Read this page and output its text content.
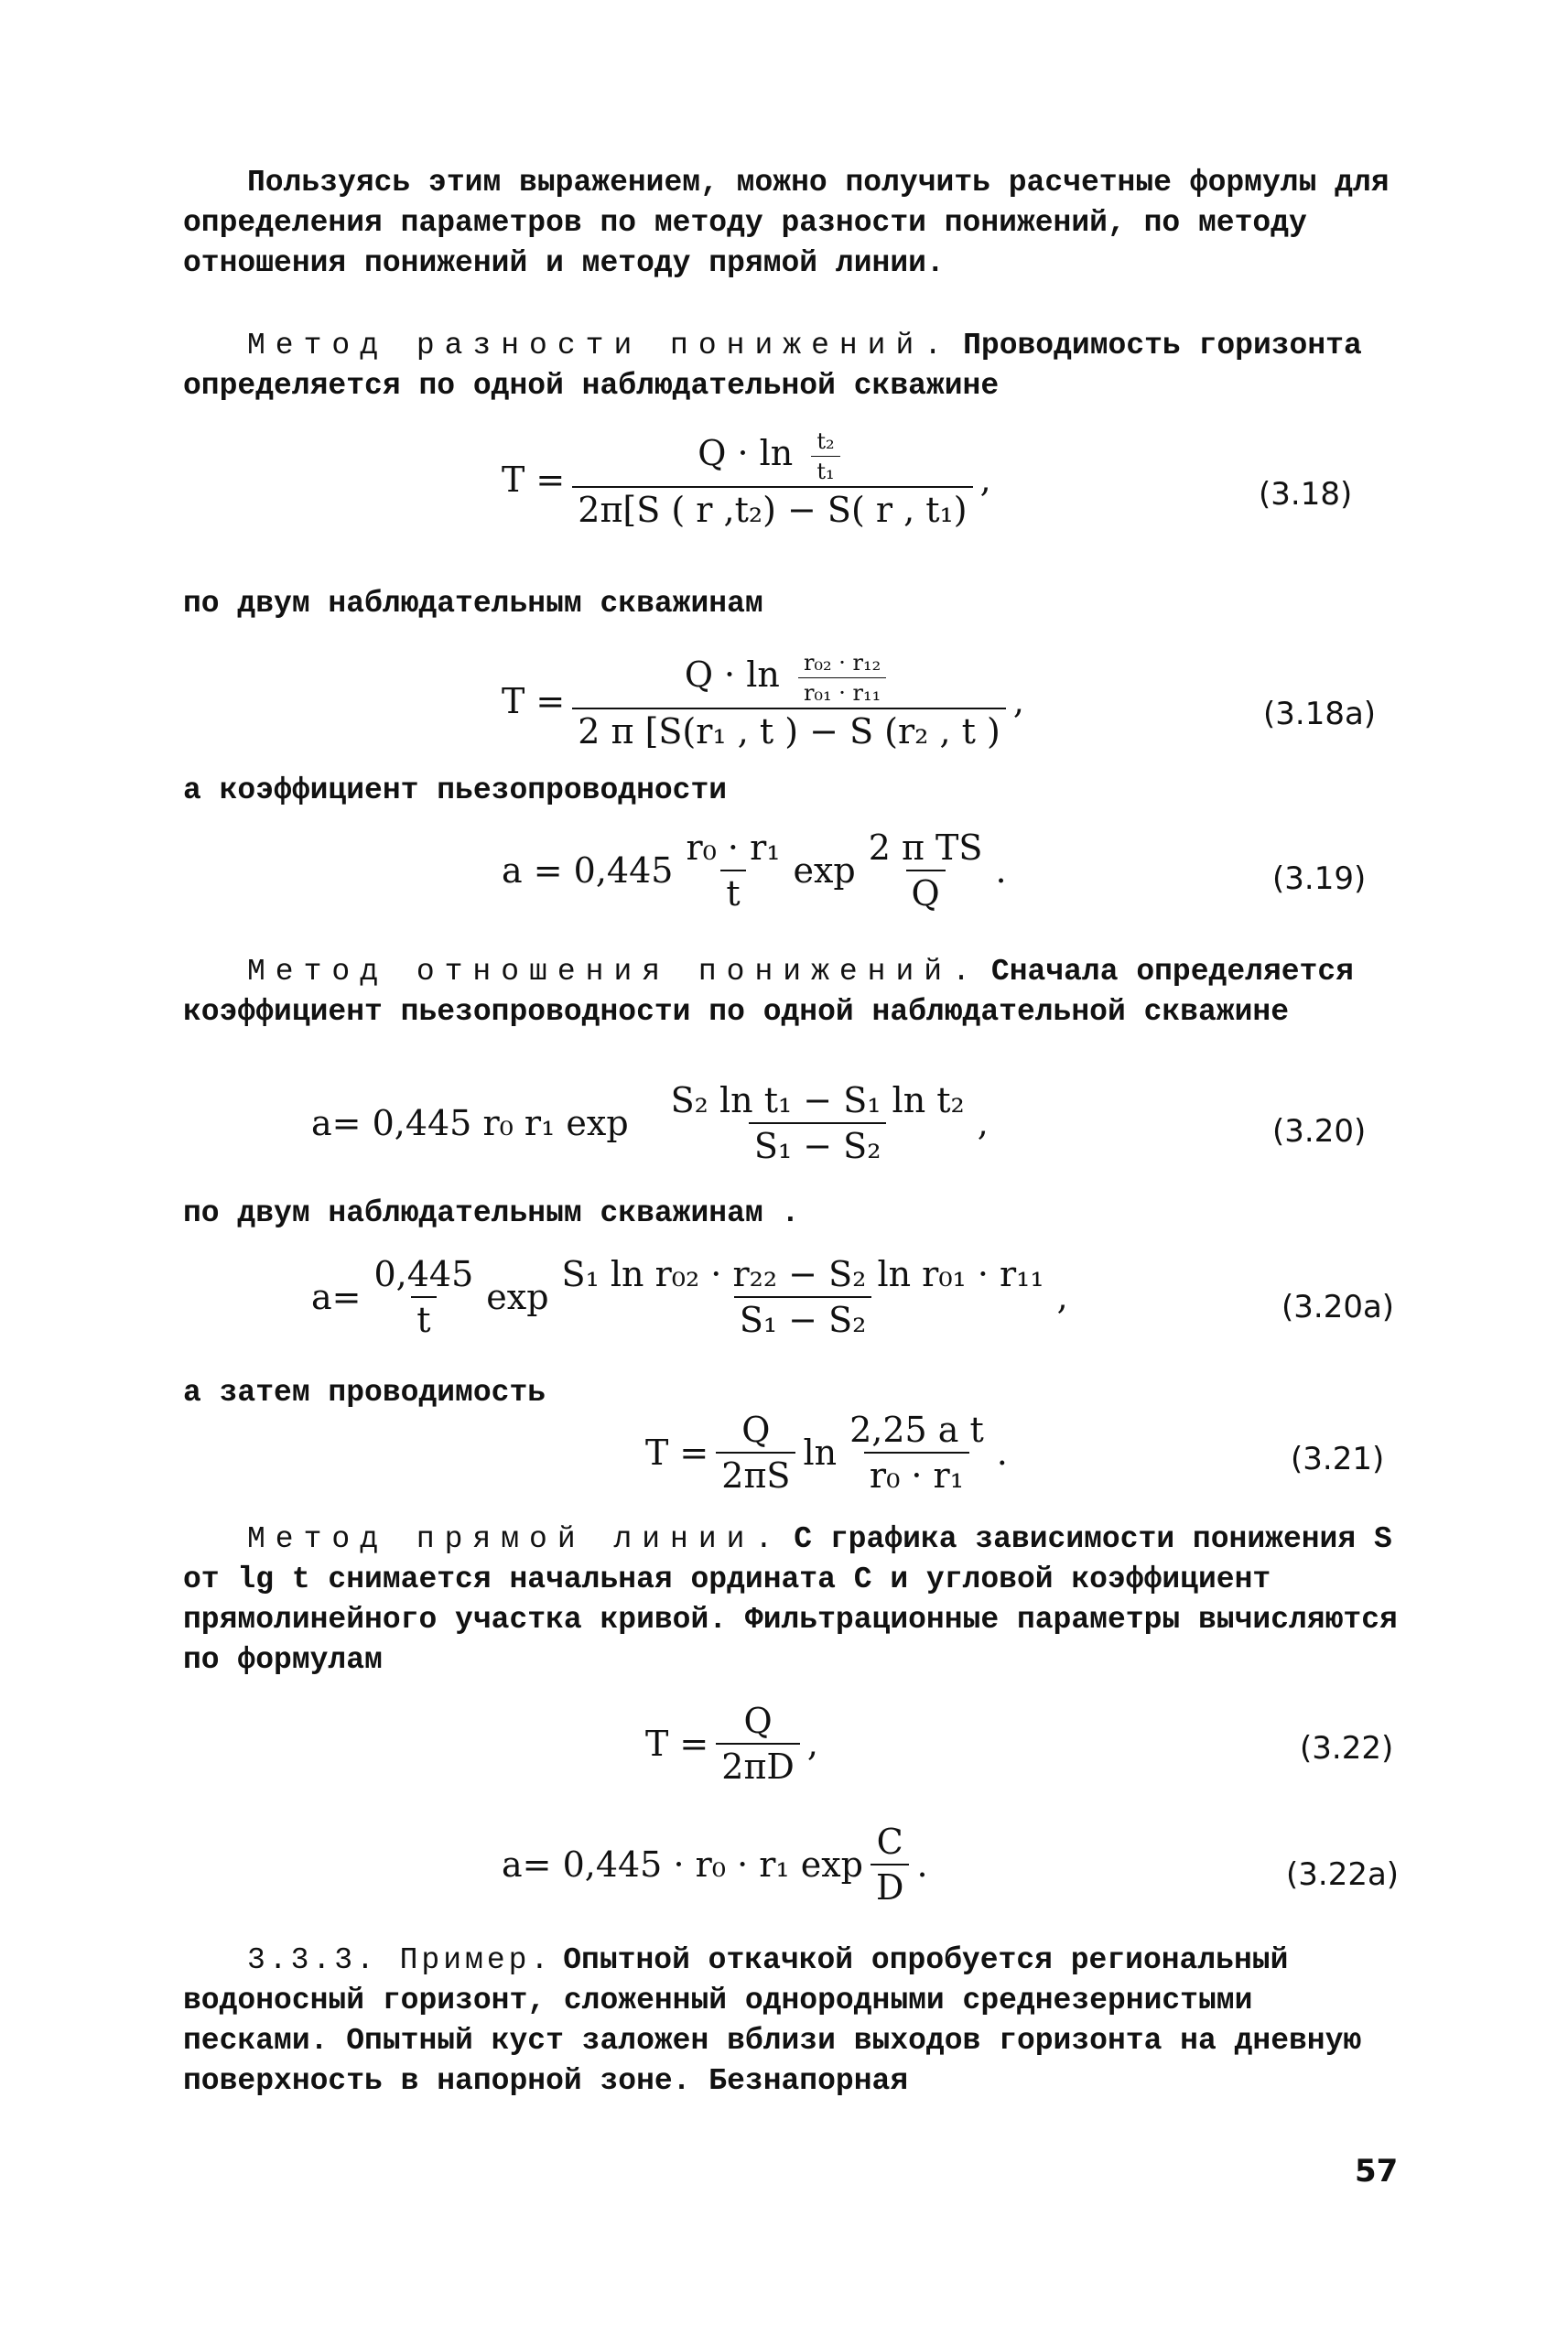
Пользуясь этим выражением, можно получить расчетные формулы для определения параметров по методу разности понижений, по методу отношения понижений и методу прямой линии.

Метод разности понижений. Проводимость горизонта определяется по одной наблюдательной скважине

$T = \frac{Q \cdot \ln \frac{\text{t₂}}{\text{t₁}}}{\text{2π[S ( r ,t₂) − S( r , t₁)}}$ ,	(3.18)

по двум наблюдательным скважинам

$T = \frac{Q \cdot \ln \frac{\text{r₀₂ · r₁₂}}{\text{r₀₁ · r₁₁}}}{\text{2 π [S(r₁ , t ) − S (r₂ , t )}}$ ,	(3.18а)

а коэффициент пьезопроводности

$a = 0,445 \frac{\text{r₀ · r₁}}{t}$ $\exp \frac{\text{2 π TS}}{Q}$ .	(3.19)

Метод отношения понижений. Сначала определяется коэффициент пьезопроводности по одной наблюдательной скважине

a= 0,445 r₀ r₁ $\exp \frac{\text{S₂ ln t₁ − S₁ ln t₂}}{\text{S₁ − S₂}}$ ,	(3.20)

по двум наблюдательным скважинам .

$a= \frac{0,445}{t}$ $\exp \frac{\text{S₁ ln r₀₂ · r₂₂ − S₂ ln r₀₁ · r₁₁}}{\text{S₁ − S₂}}$ ,	(3.20а)

а затем проводимость

$T = \frac{Q}{2\pi S}$ $\ln \frac{\text{2,25 a t}}{\text{r₀ · r₁}}$ .	(3.21)

Метод прямой линии. С графика зависимости понижения S от lg t снимается начальная ордината С и угловой коэффициент прямолинейного участка кривой. Фильтрационные параметры вычисляются по формулам

$T = \frac{Q}{2\pi D}$ ,	(3.22)
a= 0,445 · r₀ · r₁ $\exp \frac{C}{D}$ .	(3.22а)

3.3.3. Пример. Опытной откачкой опробуется региональный водоносный горизонт, сложенный однородными среднезернистыми песками. Опытный куст заложен вблизи выходов горизонта на дневную поверхность в напорной зоне. Безнапорная

57
